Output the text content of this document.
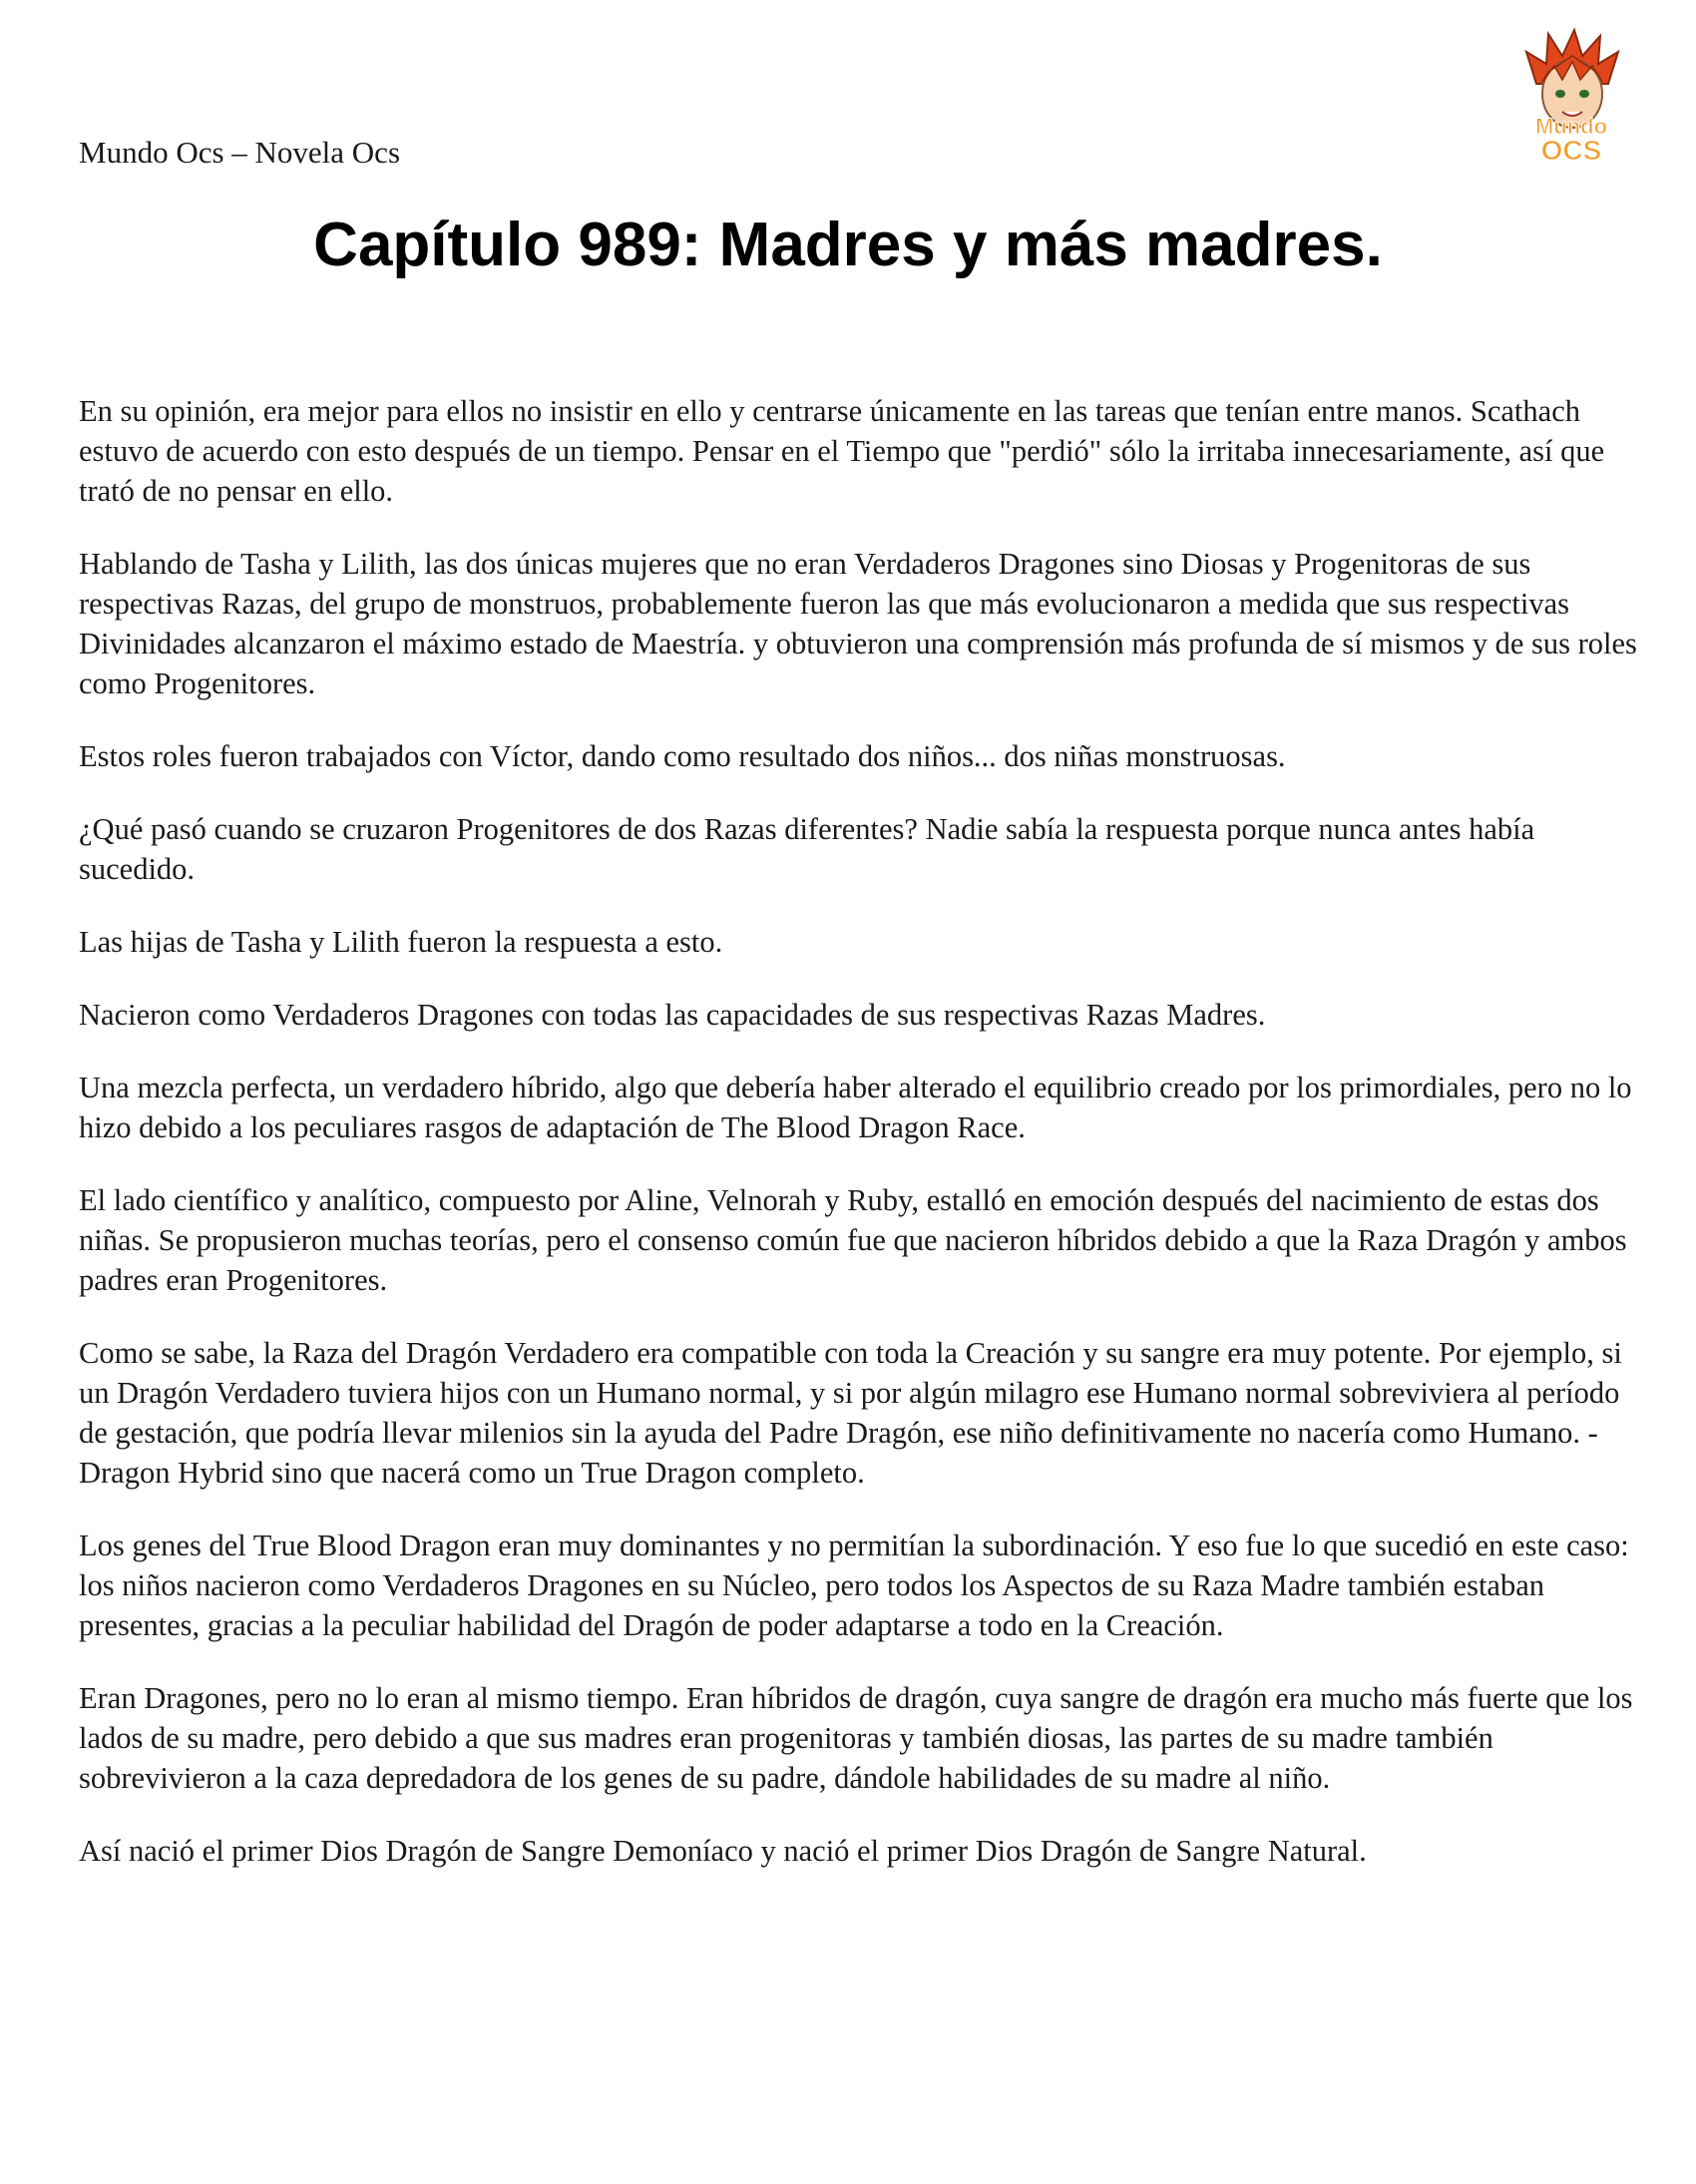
Mundo Ocs – Novela Ocs
Mundo
OCS
Capítulo 989: Madres y más madres.

En su opinión, era mejor para ellos no insistir en ello y centrarse únicamente en las tareas que tenían entre manos. Scathach estuvo de acuerdo con esto después de un tiempo. Pensar en el Tiempo que "perdió" sólo la irritaba innecesariamente, así que trató de no pensar en ello.

Hablando de Tasha y Lilith, las dos únicas mujeres que no eran Verdaderos Dragones sino Diosas y Progenitoras de sus respectivas Razas, del grupo de monstruos, probablemente fueron las que más evolucionaron a medida que sus respectivas Divinidades alcanzaron el máximo estado de Maestría. y obtuvieron una comprensión más profunda de sí mismos y de sus roles como Progenitores.

Estos roles fueron trabajados con Víctor, dando como resultado dos niños... dos niñas monstruosas.

¿Qué pasó cuando se cruzaron Progenitores de dos Razas diferentes? Nadie sabía la respuesta porque nunca antes había sucedido.

Las hijas de Tasha y Lilith fueron la respuesta a esto.

Nacieron como Verdaderos Dragones con todas las capacidades de sus respectivas Razas Madres.

Una mezcla perfecta, un verdadero híbrido, algo que debería haber alterado el equilibrio creado por los primordiales, pero no lo hizo debido a los peculiares rasgos de adaptación de The Blood Dragon Race.

El lado científico y analítico, compuesto por Aline, Velnorah y Ruby, estalló en emoción después del nacimiento de estas dos niñas. Se propusieron muchas teorías, pero el consenso común fue que nacieron híbridos debido a que la Raza Dragón y ambos padres eran Progenitores.

Como se sabe, la Raza del Dragón Verdadero era compatible con toda la Creación y su sangre era muy potente. Por ejemplo, si un Dragón Verdadero tuviera hijos con un Humano normal, y si por algún milagro ese Humano normal sobreviviera al período de gestación, que podría llevar milenios sin la ayuda del Padre Dragón, ese niño definitivamente no nacería como Humano. -Dragon Hybrid sino que nacerá como un True Dragon completo.

Los genes del True Blood Dragon eran muy dominantes y no permitían la subordinación. Y eso fue lo que sucedió en este caso: los niños nacieron como Verdaderos Dragones en su Núcleo, pero todos los Aspectos de su Raza Madre también estaban presentes, gracias a la peculiar habilidad del Dragón de poder adaptarse a todo en la Creación.

Eran Dragones, pero no lo eran al mismo tiempo. Eran híbridos de dragón, cuya sangre de dragón era mucho más fuerte que los lados de su madre, pero debido a que sus madres eran progenitoras y también diosas, las partes de su madre también sobrevivieron a la caza depredadora de los genes de su padre, dándole habilidades de su madre al niño.

Así nació el primer Dios Dragón de Sangre Demoníaco y nació el primer Dios Dragón de Sangre Natural.
